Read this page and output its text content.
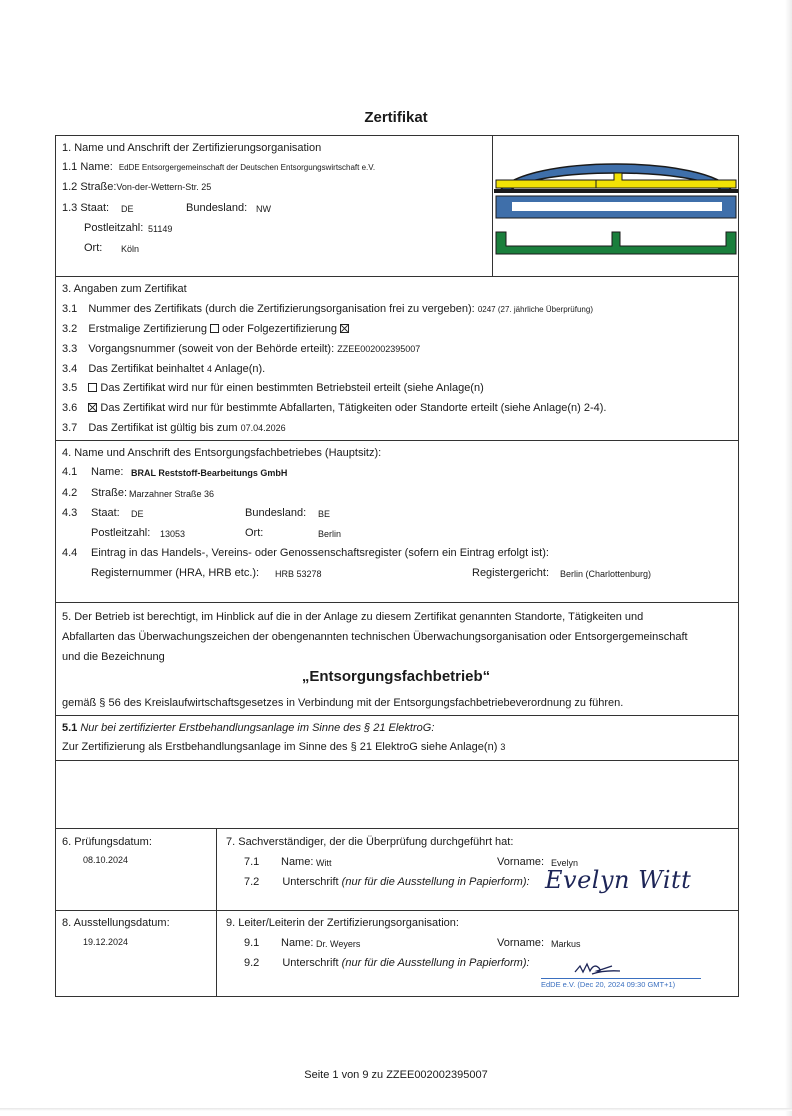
Zertifikat
1. Name und Anschrift der Zertifizierungsorganisation
1.1 Name: EdDE Entsorgergemeinschaft der Deutschen Entsorgungswirtschaft e.V.
1.2 Straße:Von-der-Wettern-Str. 25
1.3 Staat: DE	Bundesland: NW
Postleitzahl: 51149
Ort: Köln
3. Angaben zum Zertifikat
3.1 Nummer des Zertifikats (durch die Zertifizierungsorganisation frei zu vergeben): 0247 (27. jährliche Überprüfung)
3.2 Erstmalige Zertifizierung oder Folgezertifizierung
3.3 Vorgangsnummer (soweit von der Behörde erteilt): ZZEE002002395007
3.4 Das Zertifikat beinhaltet 4 Anlage(n).
3.5 Das Zertifikat wird nur für einen bestimmten Betriebsteil erteilt (siehe Anlage(n)
3.6 Das Zertifikat wird nur für bestimmte Abfallarten, Tätigkeiten oder Standorte erteilt (siehe Anlage(n) 2-4).
3.7 Das Zertifikat ist gültig bis zum 07.04.2026
4. Name und Anschrift des Entsorgungsfachbetriebes (Hauptsitz):
4.1 Name: BRAL Reststoff-Bearbeitungs GmbH
4.2 Straße: Marzahner Straße 36
4.3 Staat: DE	Bundesland: BE
Postleitzahl: 13053	Ort:	Berlin
4.4 Eintrag in das Handels-, Vereins- oder Genossenschaftsregister (sofern ein Eintrag erfolgt ist):
Registernummer (HRA, HRB etc.): HRB 53278	Registergericht: Berlin (Charlottenburg)
5. Der Betrieb ist berechtigt, im Hinblick auf die in der Anlage zu diesem Zertifikat genannten Standorte, Tätigkeiten und
Abfallarten das Überwachungszeichen der obengenannten technischen Überwachungsorganisation oder Entsorgergemeinschaft
und die Bezeichnung
„Entsorgungsfachbetrieb“
gemäß § 56 des Kreislaufwirtschaftsgesetzes in Verbindung mit der Entsorgungsfachbetriebeverordnung zu führen.
5.1 Nur bei zertifizierter Erstbehandlungsanlage im Sinne des § 21 ElektroG:
Zur Zertifizierung als Erstbehandlungsanlage im Sinne des § 21 ElektroG siehe Anlage(n) 3
6. Prüfungsdatum:
08.10.2024
7. Sachverständiger, der die Überprüfung durchgeführt hat:
7.1 Name: Witt	Vorname: Evelyn
7.2 Unterschrift (nur für die Ausstellung in Papierform): Evelyn Witt
8. Ausstellungsdatum:
19.12.2024
9. Leiter/Leiterin der Zertifizierungsorganisation:
9.1 Name: Dr. Weyers	Vorname: Markus
9.2 Unterschrift (nur für die Ausstellung in Papierform):
EdDE e.V. (Dec 20, 2024 09:30 GMT+1)
Seite 1 von 9 zu ZZEE002002395007
